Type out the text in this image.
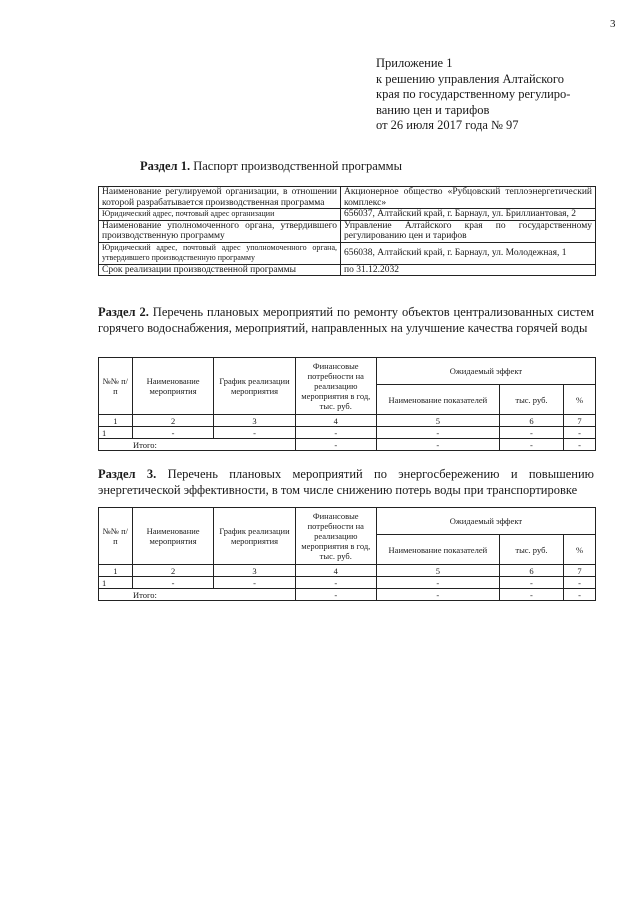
3
Приложение 1
к решению управления Алтайского
края по государственному регулиро-
ванию цен и тарифов
от 26 июля 2017 года № 97
Раздел 1. Паспорт производственной программы
Наименование регулируемой организации, в отношении которой разрабатывается производственная программа	Акционерное общество «Рубцовский теплоэнергетический комплекс»
Юридический адрес, почтовый адрес организации	656037, Алтайский край, г. Барнаул, ул. Бриллиантовая, 2
Наименование уполномоченного органа, утвердившего производственную программу	Управление Алтайского края по государственному регулированию цен и тарифов
Юридический адрес, почтовый адрес уполномоченного органа, утвердившего производственную программу	656038, Алтайский край, г. Барнаул, ул. Молодежная, 1
Срок реализации производственной программы	по 31.12.2032
Раздел 2. Перечень плановых мероприятий по ремонту объектов централизованных систем горячего водоснабжения, мероприятий, направленных на улучшение качества горячей воды
№№ п/п	Наименование мероприятия	График реализации мероприятия	Финансовые потребности на реализацию мероприятия в год, тыс. руб.	Ожидаемый эффект		
				Наименование показателей	тыс. руб.	%
1	2	3	4	5	6	7
1	-	-	-	-	-	-
Итого:			-	-	-	-
Раздел 3. Перечень плановых мероприятий по энергосбережению и повышению энергетической эффективности, в том числе снижению потерь воды при транспортировке
№№ п/п	Наименование мероприятия	График реализации мероприятия	Финансовые потребности на реализацию мероприятия в год, тыс. руб.	Ожидаемый эффект		
				Наименование показателей	тыс. руб.	%
1	2	3	4	5	6	7
1	-	-	-	-	-	-
Итого:			-	-	-	-
